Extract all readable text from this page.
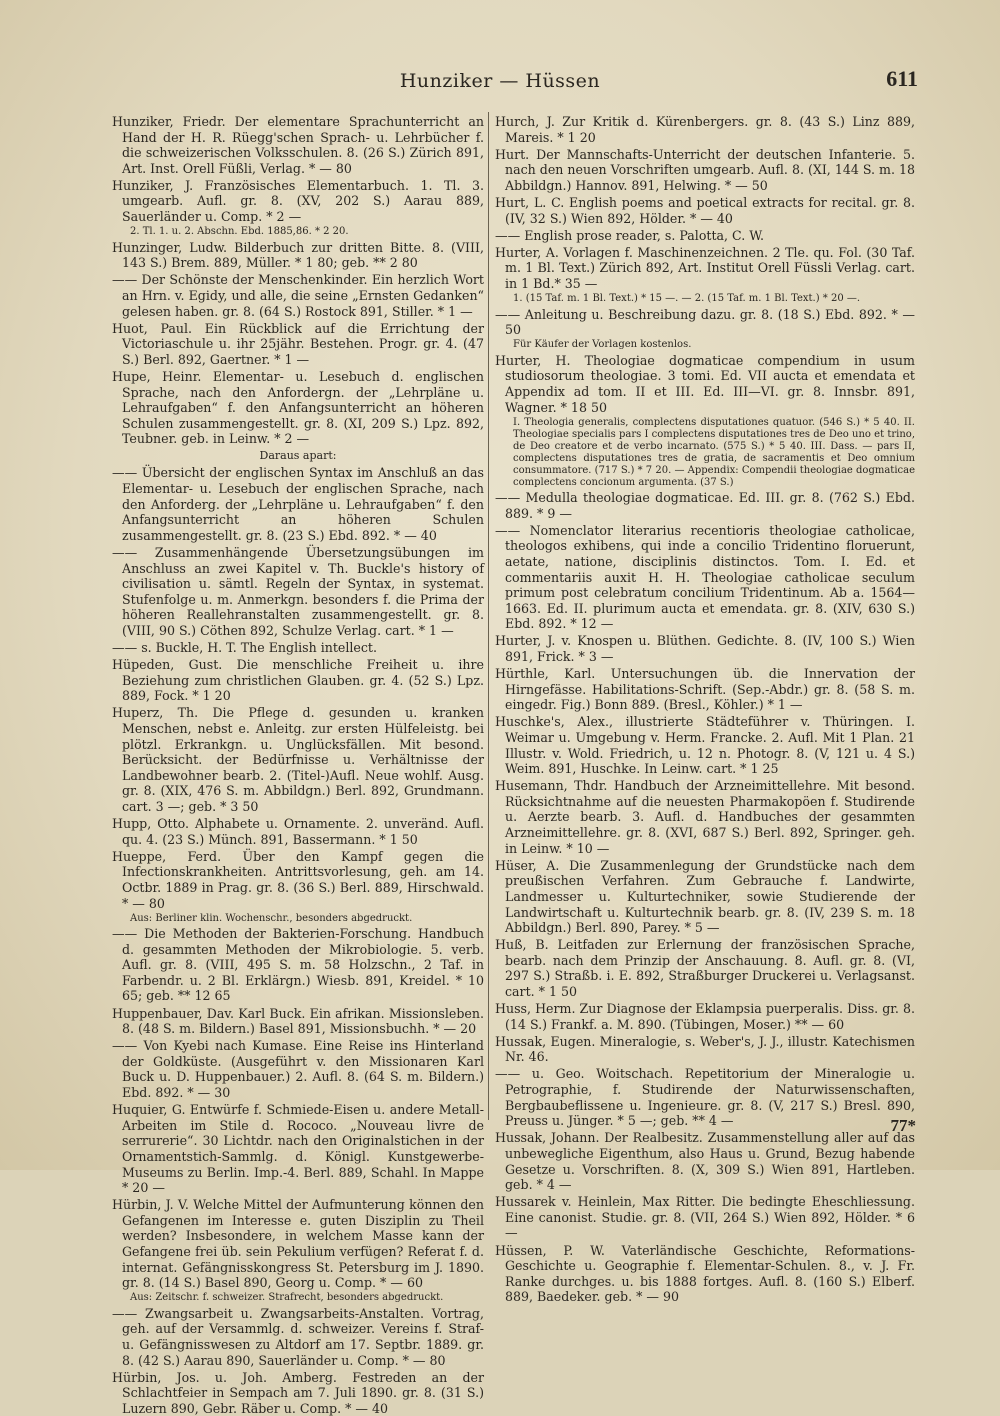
Hunziker — Hüssen	611
Hunziker, Friedr. Der elementare Sprachunterricht an Hand der H. R. Rüegg'schen Sprach- u. Lehrbücher f. die schweizerischen Volksschulen. 8. (26 S.) Zürich 891, Art. Inst. Orell Füßli, Verlag. * — 80
Hunziker, J. Französisches Elementarbuch. 1. Tl. 3. umgearb. Aufl. gr. 8. (XV, 202 S.) Aarau 889, Sauerländer u. Comp. * 2 —
2. Tl. 1. u. 2. Abschn. Ebd. 1885,86. * 2 20.
Hunzinger, Ludw. Bilderbuch zur dritten Bitte. 8. (VIII, 143 S.) Brem. 889, Müller. * 1 80; geb. ** 2 80
—— Der Schönste der Menschenkinder. Ein herzlich Wort an Hrn. v. Egidy, und alle, die seine „Ernsten Gedanken“ gelesen haben. gr. 8. (64 S.) Rostock 891, Stiller. * 1 —
Huot, Paul. Ein Rückblick auf die Errichtung der Victoriaschule u. ihr 25jähr. Bestehen. Progr. gr. 4. (47 S.) Berl. 892, Gaertner. * 1 —
Hupe, Heinr. Elementar- u. Lesebuch d. englischen Sprache, nach den Anfordergn. der „Lehrpläne u. Lehraufgaben“ f. den Anfangsunterricht an höheren Schulen zusammengestellt. gr. 8. (XI, 209 S.) Lpz. 892, Teubner. geb. in Leinw. * 2 —
Daraus apart:
—— Übersicht der englischen Syntax im Anschluß an das Elementar- u. Lesebuch der englischen Sprache, nach den Anforderg. der „Lehrpläne u. Lehraufgaben“ f. den Anfangsunterricht an höheren Schulen zusammengestellt. gr. 8. (23 S.) Ebd. 892. * — 40
—— Zusammenhängende Übersetzungsübungen im Anschluss an zwei Kapitel v. Th. Buckle's history of civilisation u. sämtl. Regeln der Syntax, in systemat. Stufenfolge u. m. Anmerkgn. besonders f. die Prima der höheren Reallehranstalten zusammengestellt. gr. 8. (VIII, 90 S.) Cöthen 892, Schulze Verlag. cart. * 1 —
—— s. Buckle, H. T. The English intellect.
Hüpeden, Gust. Die menschliche Freiheit u. ihre Beziehung zum christlichen Glauben. gr. 4. (52 S.) Lpz. 889, Fock. * 1 20
Huperz, Th. Die Pflege d. gesunden u. kranken Menschen, nebst e. Anleitg. zur ersten Hülfeleistg. bei plötzl. Erkrankgn. u. Unglücksfällen. Mit besond. Berücksicht. der Bedürfnisse u. Verhältnisse der Landbewohner bearb. 2. (Titel-)Aufl. Neue wohlf. Ausg. gr. 8. (XIX, 476 S. m. Abbildgn.) Berl. 892, Grundmann. cart. 3 —; geb. * 3 50
Hupp, Otto. Alphabete u. Ornamente. 2. unveränd. Aufl. qu. 4. (23 S.) Münch. 891, Bassermann. * 1 50
Hueppe, Ferd. Über den Kampf gegen die Infectionskrankheiten. Antrittsvorlesung, geh. am 14. Octbr. 1889 in Prag. gr. 8. (36 S.) Berl. 889, Hirschwald. * — 80
Aus: Berliner klin. Wochenschr., besonders abgedruckt.
—— Die Methoden der Bakterien-Forschung. Handbuch d. gesammten Methoden der Mikrobiologie. 5. verb. Aufl. gr. 8. (VIII, 495 S. m. 58 Holzschn., 2 Taf. in Farbendr. u. 2 Bl. Erklärgn.) Wiesb. 891, Kreidel. * 10 65; geb. ** 12 65
Huppenbauer, Dav. Karl Buck. Ein afrikan. Missionsleben. 8. (48 S. m. Bildern.) Basel 891, Missionsbuchh. * — 20
—— Von Kyebi nach Kumase. Eine Reise ins Hinterland der Goldküste. (Ausgeführt v. den Missionaren Karl Buck u. D. Huppenbauer.) 2. Aufl. 8. (64 S. m. Bildern.) Ebd. 892. * — 30
Huquier, G. Entwürfe f. Schmiede-Eisen u. andere Metall-Arbeiten im Stile d. Rococo. „Nouveau livre de serrurerie“. 30 Lichtdr. nach den Originalstichen in der Ornamentstich-Sammlg. d. Königl. Kunstgewerbe-Museums zu Berlin. Imp.-4. Berl. 889, Schahl. In Mappe * 20 —
Hürbin, J. V. Welche Mittel der Aufmunterung können den Gefangenen im Interesse e. guten Disziplin zu Theil werden? Insbesondere, in welchem Masse kann der Gefangene frei üb. sein Pekulium verfügen? Referat f. d. internat. Gefängnisskongress St. Petersburg im J. 1890. gr. 8. (14 S.) Basel 890, Georg u. Comp. * — 60
Aus: Zeitschr. f. schweizer. Strafrecht, besonders abgedruckt.
—— Zwangsarbeit u. Zwangsarbeits-Anstalten. Vortrag, geh. auf der Versammlg. d. schweizer. Vereins f. Straf- u. Gefängnisswesen zu Altdorf am 17. Septbr. 1889. gr. 8. (42 S.) Aarau 890, Sauerländer u. Comp. * — 80
Hürbin, Jos. u. Joh. Amberg. Festreden an der Schlachtfeier in Sempach am 7. Juli 1890. gr. 8. (31 S.) Luzern 890, Gebr. Räber u. Comp. * — 40
Hurch, J. Zur Kritik d. Kürenbergers. gr. 8. (43 S.) Linz 889, Mareis. * 1 20
Hurt. Der Mannschafts-Unterricht der deutschen Infanterie. 5. nach den neuen Vorschriften umgearb. Aufl. 8. (XI, 144 S. m. 18 Abbildgn.) Hannov. 891, Helwing. * — 50
Hurt, L. C. English poems and poetical extracts for recital. gr. 8. (IV, 32 S.) Wien 892, Hölder. * — 40
—— English prose reader, s. Palotta, C. W.
Hurter, A. Vorlagen f. Maschinenzeichnen. 2 Tle. qu. Fol. (30 Taf. m. 1 Bl. Text.) Zürich 892, Art. Institut Orell Füssli Verlag. cart. in 1 Bd.* 35 —
1. (15 Taf. m. 1 Bl. Text.) * 15 —. — 2. (15 Taf. m. 1 Bl. Text.) * 20 —.
—— Anleitung u. Beschreibung dazu. gr. 8. (18 S.) Ebd. 892. * — 50
Für Käufer der Vorlagen kostenlos.
Hurter, H. Theologiae dogmaticae compendium in usum studiosorum theologiae. 3 tomi. Ed. VII aucta et emendata et Appendix ad tom. II et III. Ed. III—VI. gr. 8. Innsbr. 891, Wagner. * 18 50
I. Theologia generalis, complectens disputationes quatuor. (546 S.) * 5 40. II. Theologiae specialis pars I complectens disputationes tres de Deo uno et trino, de Deo creatore et de verbo incarnato. (575 S.) * 5 40. III. Dass. — pars II, complectens disputationes tres de gratia, de sacramentis et Deo omnium consummatore. (717 S.) * 7 20. — Appendix: Compendii theologiae dogmaticae complectens concionum argumenta. (37 S.)
—— Medulla theologiae dogmaticae. Ed. III. gr. 8. (762 S.) Ebd. 889. * 9 —
—— Nomenclator literarius recentioris theologiae catholicae, theologos exhibens, qui inde a concilio Tridentino floruerunt, aetate, natione, disciplinis distinctos. Tom. I. Ed. et commentariis auxit H. H. Theologiae catholicae seculum primum post celebratum concilium Tridentinum. Ab a. 1564—1663. Ed. II. plurimum aucta et emendata. gr. 8. (XIV, 630 S.) Ebd. 892. * 12 —
Hurter, J. v. Knospen u. Blüthen. Gedichte. 8. (IV, 100 S.) Wien 891, Frick. * 3 —
Hürthle, Karl. Untersuchungen üb. die Innervation der Hirngefässe. Habilitations-Schrift. (Sep.-Abdr.) gr. 8. (58 S. m. eingedr. Fig.) Bonn 889. (Bresl., Köhler.) * 1 —
Huschke's, Alex., illustrierte Städteführer v. Thüringen. I. Weimar u. Umgebung v. Herm. Francke. 2. Aufl. Mit 1 Plan. 21 Illustr. v. Wold. Friedrich, u. 12 n. Photogr. 8. (V, 121 u. 4 S.) Weim. 891, Huschke. In Leinw. cart. * 1 25
Husemann, Thdr. Handbuch der Arzneimittellehre. Mit besond. Rücksichtnahme auf die neuesten Pharmakopöen f. Studirende u. Aerzte bearb. 3. Aufl. d. Handbuches der gesammten Arzneimittellehre. gr. 8. (XVI, 687 S.) Berl. 892, Springer. geh. in Leinw. * 10 —
Hüser, A. Die Zusammenlegung der Grundstücke nach dem preußischen Verfahren. Zum Gebrauche f. Landwirte, Landmesser u. Kulturtechniker, sowie Studierende der Landwirtschaft u. Kulturtechnik bearb. gr. 8. (IV, 239 S. m. 18 Abbildgn.) Berl. 890, Parey. * 5 —
Huß, B. Leitfaden zur Erlernung der französischen Sprache, bearb. nach dem Prinzip der Anschauung. 8. Aufl. gr. 8. (VI, 297 S.) Straßb. i. E. 892, Straßburger Druckerei u. Verlagsanst. cart. * 1 50
Huss, Herm. Zur Diagnose der Eklampsia puerperalis. Diss. gr. 8. (14 S.) Frankf. a. M. 890. (Tübingen, Moser.) ** — 60
Hussak, Eugen. Mineralogie, s. Weber's, J. J., illustr. Katechismen Nr. 46.
—— u. Geo. Woitschach. Repetitorium der Mineralogie u. Petrographie, f. Studirende der Naturwissenschaften, Bergbaubeflissene u. Ingenieure. gr. 8. (V, 217 S.) Bresl. 890, Preuss u. Jünger. * 5 —; geb. ** 4 —
Hussak, Johann. Der Realbesitz. Zusammenstellung aller auf das unbewegliche Eigenthum, also Haus u. Grund, Bezug habende Gesetze u. Vorschriften. 8. (X, 309 S.) Wien 891, Hartleben. geb. * 4 —
Hussarek v. Heinlein, Max Ritter. Die bedingte Eheschliessung. Eine canonist. Studie. gr. 8. (VII, 264 S.) Wien 892, Hölder. * 6 —
Hüssen, P. W. Vaterländische Geschichte, Reformations-Geschichte u. Geographie f. Elementar-Schulen. 8., v. J. Fr. Ranke durchges. u. bis 1888 fortges. Aufl. 8. (160 S.) Elberf. 889, Baedeker. geb. * — 90
77*
